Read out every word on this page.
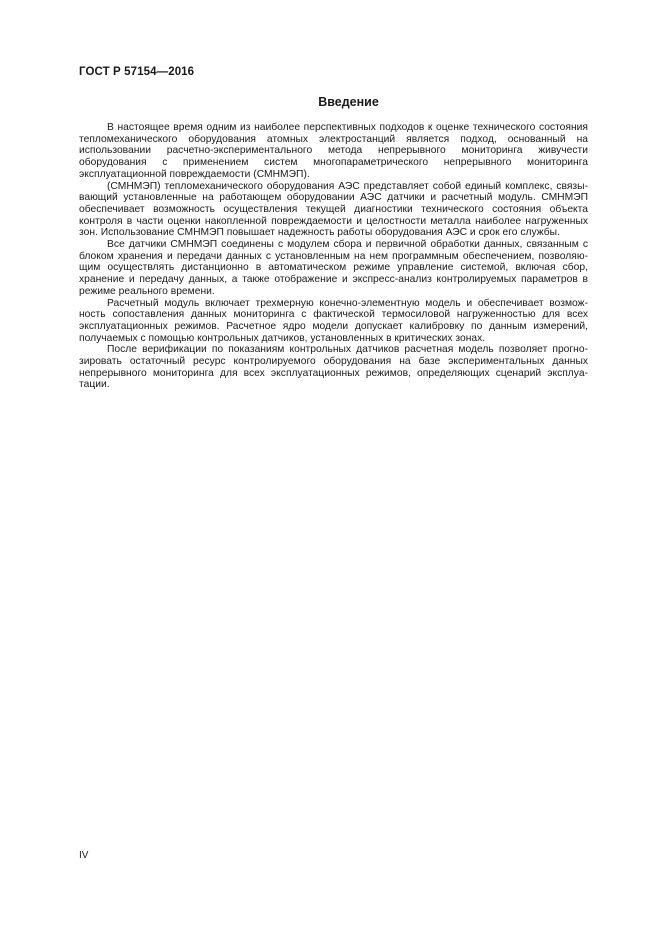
ГОСТ Р 57154—2016
Введение

В настоящее время одним из наиболее перспективных подходов к оценке технического состояния тепломеханического оборудования атомных электростанций является подход, основанный на использовании расчетно-экспериментального метода непрерывного мониторинга живучести оборудования с применением систем многопараметрического непрерывного мониторинга эксплуатационной повреждаемости (СМНМЭП).

(СМНМЭП) тепломеханического оборудования АЭС представляет собой единый комплекс, связывающий установленные на работающем оборудовании АЭС датчики и расчетный модуль. СМНМЭП обеспечивает возможность осуществления текущей диагностики технического состояния объекта контроля в части оценки накопленной повреждаемости и целостности металла наиболее нагруженных зон. Использование СМНМЭП повышает надежность работы оборудования АЭС и срок его службы.

Все датчики СМНМЭП соединены с модулем сбора и первичной обработки данных, связанным с блоком хранения и передачи данных с установленным на нем программным обеспечением, позволяющим осуществлять дистанционно в автоматическом режиме управление системой, включая сбор, хранение и передачу данных, а также отображение и экспресс-анализ контролируемых параметров в режиме реального времени.

Расчетный модуль включает трехмерную конечно-элементную модель и обеспечивает возможность сопоставления данных мониторинга с фактической термосиловой нагруженностью для всех эксплуатационных режимов. Расчетное ядро модели допускает калибровку по данным измерений, получаемых с помощью контрольных датчиков, установленных в критических зонах.

После верификации по показаниям контрольных датчиков расчетная модель позволяет прогнозировать остаточный ресурс контролируемого оборудования на базе экспериментальных данных непрерывного мониторинга для всех эксплуатационных режимов, определяющих сценарий эксплуатации.

IV
